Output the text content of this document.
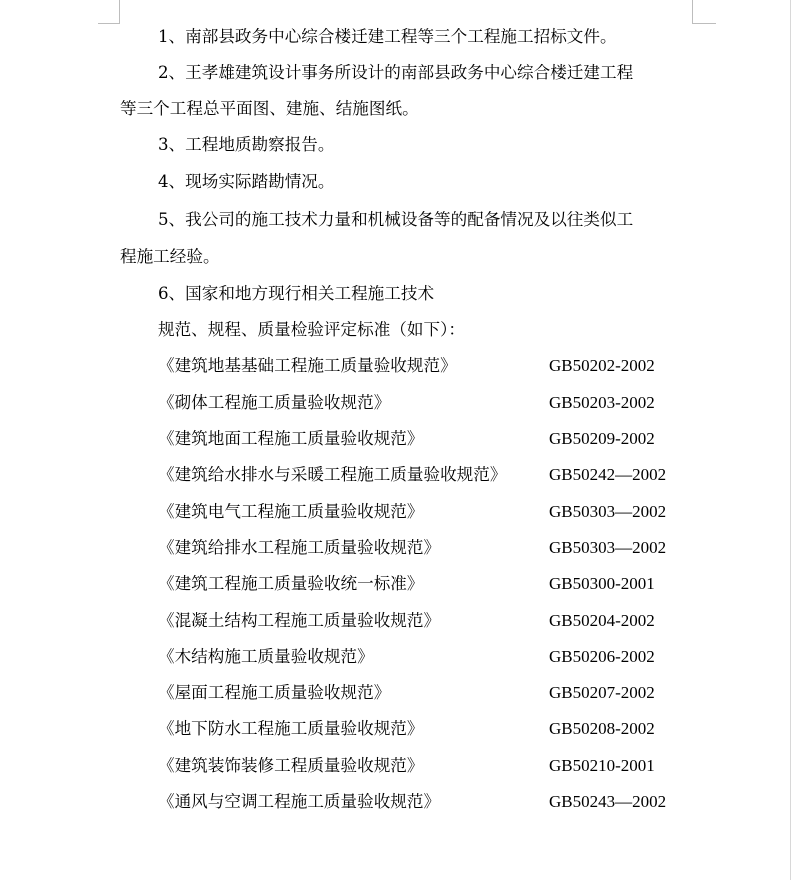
1、南部县政务中心综合楼迁建工程等三个工程施工招标文件。
2、王孝雄建筑设计事务所设计的南部县政务中心综合楼迁建工程
等三个工程总平面图、建施、结施图纸。
3、工程地质勘察报告。
4、现场实际踏勘情况。
5、我公司的施工技术力量和机械设备等的配备情况及以往类似工
程施工经验。
6、国家和地方现行相关工程施工技术
规范、规程、质量检验评定标准（如下）：
《建筑地基基础工程施工质量验收规范》	GB50202-2002
《砌体工程施工质量验收规范》	GB50203-2002
《建筑地面工程施工质量验收规范》	GB50209-2002
《建筑给水排水与采暖工程施工质量验收规范》	GB50242—2002
《建筑电气工程施工质量验收规范》	GB50303—2002
《建筑给排水工程施工质量验收规范》	GB50303—2002
《建筑工程施工质量验收统一标准》	GB50300-2001
《混凝土结构工程施工质量验收规范》	GB50204-2002
《木结构施工质量验收规范》	GB50206-2002
《屋面工程施工质量验收规范》	GB50207-2002
《地下防水工程施工质量验收规范》	GB50208-2002
《建筑装饰装修工程质量验收规范》	GB50210-2001
《通风与空调工程施工质量验收规范》	GB50243—2002
